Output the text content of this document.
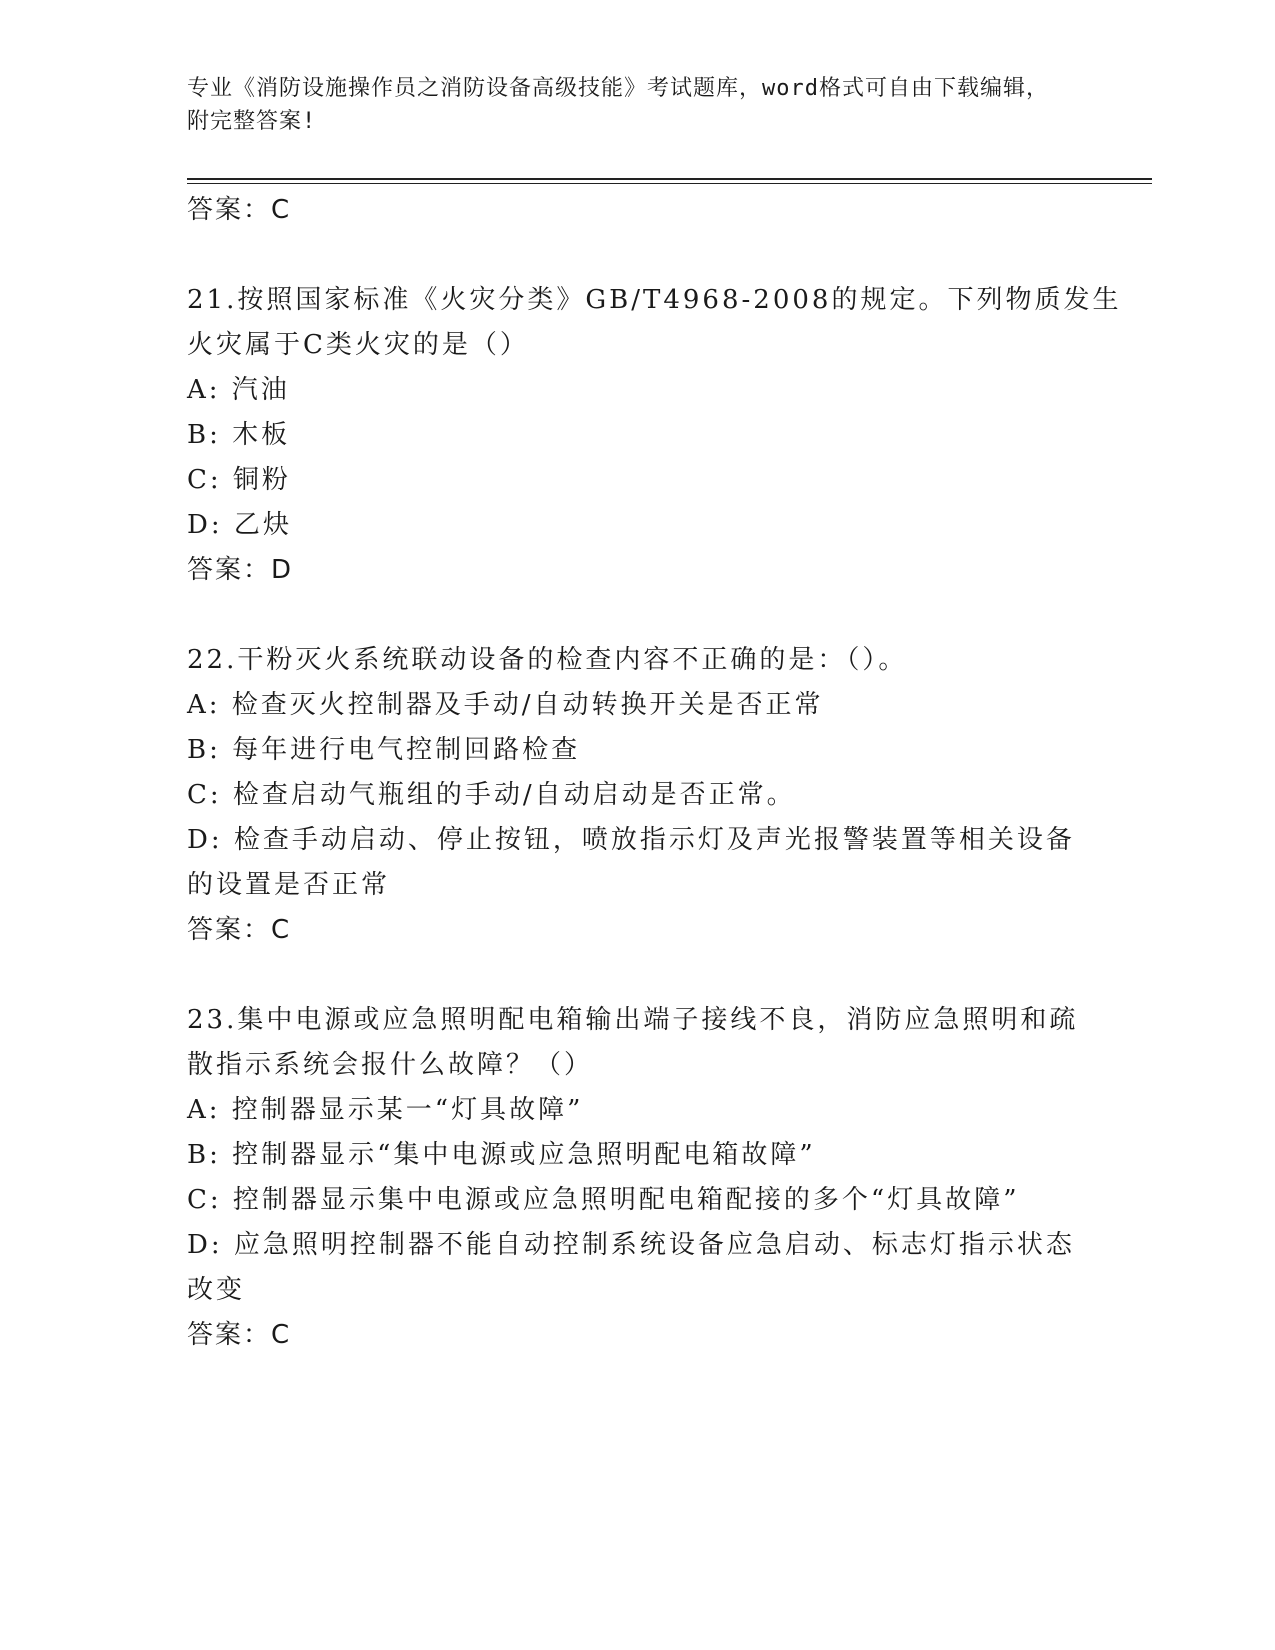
专业《消防设施操作员之消防设备高级技能》考试题库，word格式可自由下载编辑，附完整答案!
答案：C
21.按照国家标准《火灾分类》GB/T4968-2008的规定。下列物质发生
火灾属于C类火灾的是（）
A: 汽油
B: 木板
C: 铜粉
D: 乙炔
答案：D
22.干粉灭火系统联动设备的检查内容不正确的是：（）。
A: 检查灭火控制器及手动/自动转换开关是否正常
B: 每年进行电气控制回路检查
C: 检查启动气瓶组的手动/自动启动是否正常。
D: 检查手动启动、停止按钮，喷放指示灯及声光报警装置等相关设备
的设置是否正常
答案：C
23.集中电源或应急照明配电箱输出端子接线不良，消防应急照明和疏
散指示系统会报什么故障？（）
A: 控制器显示某一“灯具故障”
B: 控制器显示“集中电源或应急照明配电箱故障”
C: 控制器显示集中电源或应急照明配电箱配接的多个“灯具故障”
D: 应急照明控制器不能自动控制系统设备应急启动、标志灯指示状态
改变
答案：C
